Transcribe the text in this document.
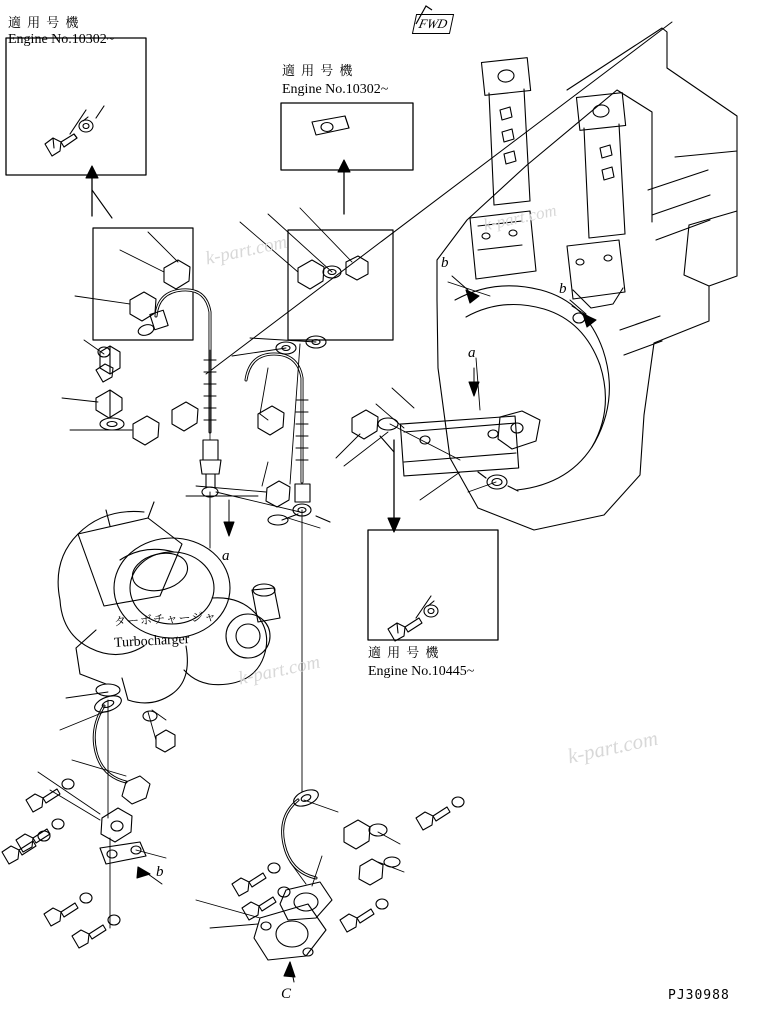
FWD
適 用 号 機
Engine No.10302~
適 用 号 機
Engine No.10302~
適 用 号 機
Engine No.10445~
ターボチャージャ
Turbocharger
a
a
b
b
b
C
k-part.com
k-part.com
k-part.com
k-part.com
PJ30988
